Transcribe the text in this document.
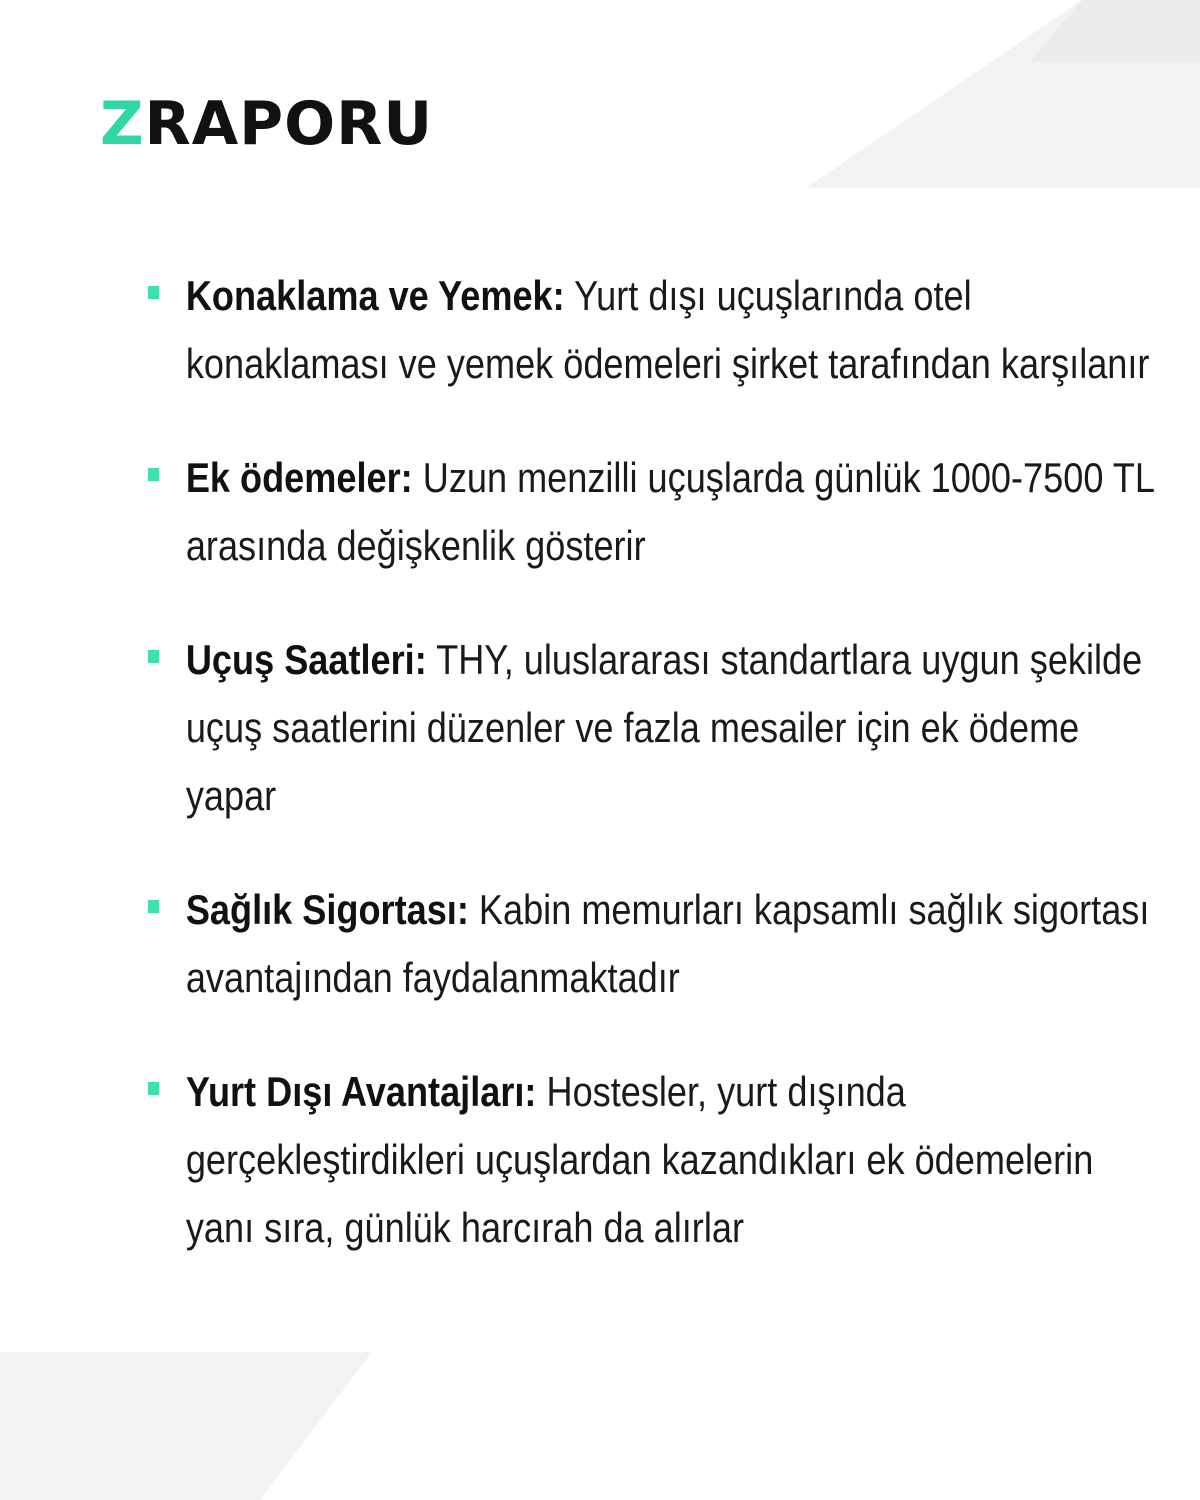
ZRAPORU
Konaklama ve Yemek: Yurt dışı uçuşlarında otel konaklaması ve yemek ödemeleri şirket tarafından karşılanır
Ek ödemeler: Uzun menzilli uçuşlarda günlük 1000-7500 TL arasında değişkenlik gösterir
Uçuş Saatleri: THY, uluslararası standartlara uygun şekilde uçuş saatlerini düzenler ve fazla mesailer için ek ödeme yapar
Sağlık Sigortası: Kabin memurları kapsamlı sağlık sigortası avantajından faydalanmaktadır
Yurt Dışı Avantajları: Hostesler, yurt dışında gerçekleştirdikleri uçuşlardan kazandıkları ek ödemelerin yanı sıra, günlük harcırah da alırlar
